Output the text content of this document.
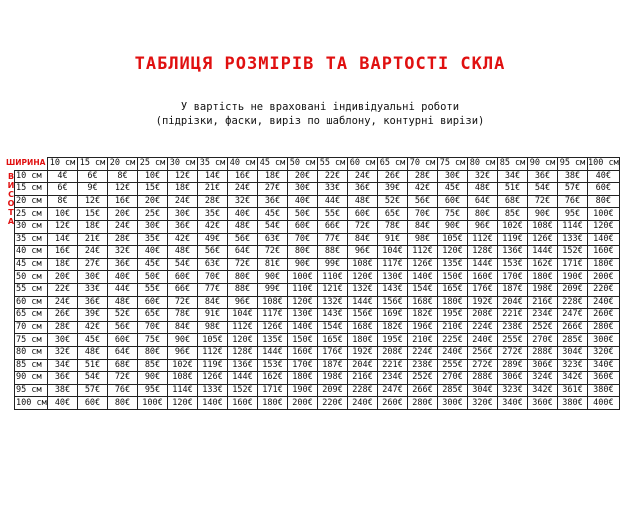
ТАБЛИЦЯ РОЗМІРІВ ТА ВАРТОСТІ СКЛА
У вартість не враховані індивідуальні роботи
(підрізки, фаски, виріз по шаблону, контурні вирізи)
ШИРИНА
В
И
С
О
Т
А
	10 см	15 см	20 см	25 см	30 см	35 см	40 см	45 см	50 см	55 см	60 см	65 см	70 см	75 см	80 см	85 см	90 см	95 см	100 см
10 см	4€	6€	8€	10€	12€	14€	16€	18€	20€	22€	24€	26€	28€	30€	32€	34€	36€	38€	40€
15 см	6€	9€	12€	15€	18€	21€	24€	27€	30€	33€	36€	39€	42€	45€	48€	51€	54€	57€	60€
20 см	8€	12€	16€	20€	24€	28€	32€	36€	40€	44€	48€	52€	56€	60€	64€	68€	72€	76€	80€
25 см	10€	15€	20€	25€	30€	35€	40€	45€	50€	55€	60€	65€	70€	75€	80€	85€	90€	95€	100€
30 см	12€	18€	24€	30€	36€	42€	48€	54€	60€	66€	72€	78€	84€	90€	96€	102€	108€	114€	120€
35 см	14€	21€	28€	35€	42€	49€	56€	63€	70€	77€	84€	91€	98€	105€	112€	119€	126€	133€	140€
40 см	16€	24€	32€	40€	48€	56€	64€	72€	80€	88€	96€	104€	112€	120€	128€	136€	144€	152€	160€
45 см	18€	27€	36€	45€	54€	63€	72€	81€	90€	99€	108€	117€	126€	135€	144€	153€	162€	171€	180€
50 см	20€	30€	40€	50€	60€	70€	80€	90€	100€	110€	120€	130€	140€	150€	160€	170€	180€	190€	200€
55 см	22€	33€	44€	55€	66€	77€	88€	99€	110€	121€	132€	143€	154€	165€	176€	187€	198€	209€	220€
60 см	24€	36€	48€	60€	72€	84€	96€	108€	120€	132€	144€	156€	168€	180€	192€	204€	216€	228€	240€
65 см	26€	39€	52€	65€	78€	91€	104€	117€	130€	143€	156€	169€	182€	195€	208€	221€	234€	247€	260€
70 см	28€	42€	56€	70€	84€	98€	112€	126€	140€	154€	168€	182€	196€	210€	224€	238€	252€	266€	280€
75 см	30€	45€	60€	75€	90€	105€	120€	135€	150€	165€	180€	195€	210€	225€	240€	255€	270€	285€	300€
80 см	32€	48€	64€	80€	96€	112€	128€	144€	160€	176€	192€	208€	224€	240€	256€	272€	288€	304€	320€
85 см	34€	51€	68€	85€	102€	119€	136€	153€	170€	187€	204€	221€	238€	255€	272€	289€	306€	323€	340€
90 см	36€	54€	72€	90€	108€	126€	144€	162€	180€	198€	216€	234€	252€	270€	288€	306€	324€	342€	360€
95 см	38€	57€	76€	95€	114€	133€	152€	171€	190€	209€	228€	247€	266€	285€	304€	323€	342€	361€	380€
100 см	40€	60€	80€	100€	120€	140€	160€	180€	200€	220€	240€	260€	280€	300€	320€	340€	360€	380€	400€
